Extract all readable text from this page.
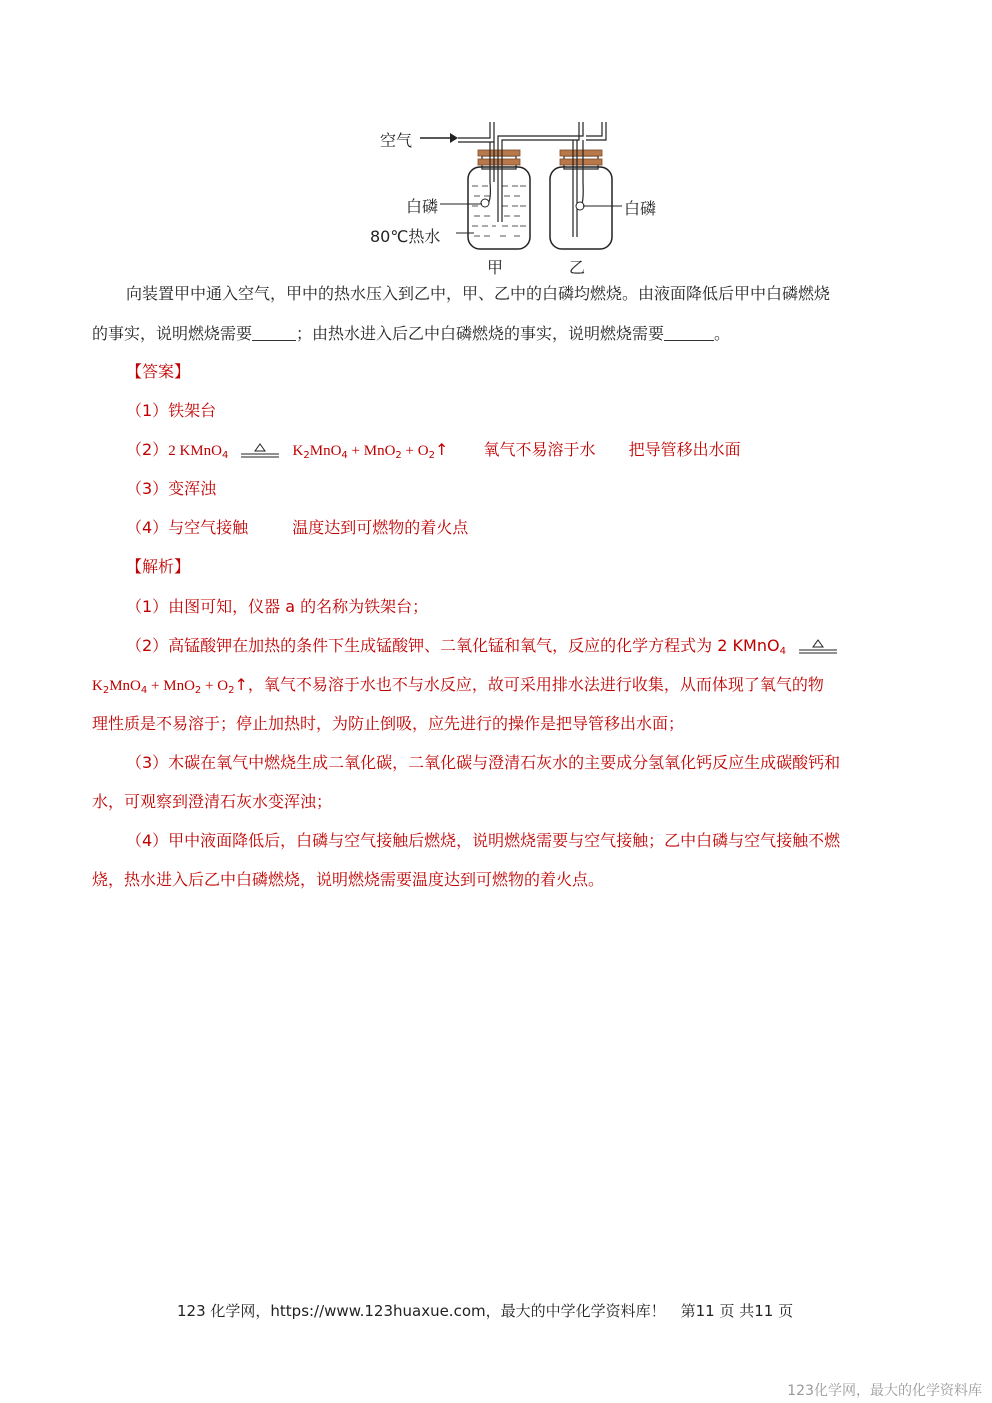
空气
白磷
80℃热水
白磷
甲	乙
向装置甲中通入空气，甲中的热水压入到乙中，甲、乙中的白磷均燃烧。由液面降低后甲中白磷燃烧
的事实，说明燃烧需要	；由热水进入后乙中白磷燃烧的事实，说明燃烧需要	。
【答案】
（1）铁架台
（2）2 KMnO$_4$	$K_2MnO_4 + MnO_2$ + $O_2↑$ 氧气不易溶于水 把导管移出水面
（3）变浑浊
（4）与空气接触	温度达到可燃物的着火点
【解析】
（1）由图可知，仪器 a 的名称为铁架台；
（2）高锰酸钾在加热的条件下生成锰酸钾、二氧化锰和氧气，反应的化学方程式为 2 KMnO$_4$
$K_2MnO_4 + MnO_2$ + $O_2↑$，氧气不易溶于水也不与水反应，故可采用排水法进行收集，从而体现了氧气的物
理性质是不易溶于；停止加热时，为防止倒吸，应先进行的操作是把导管移出水面；
（3）木碳在氧气中燃烧生成二氧化碳，二氧化碳与澄清石灰水的主要成分氢氧化钙反应生成碳酸钙和
水，可观察到澄清石灰水变浑浊；
（4）甲中液面降低后，白磷与空气接触后燃烧，说明燃烧需要与空气接触；乙中白磷与空气接触不燃
烧，热水进入后乙中白磷燃烧，说明燃烧需要温度达到可燃物的着火点。
123 化学网，https://www.123huaxue.com，最大的中学化学资料库！　第11 页 共11 页
123化学网，最大的化学资料库
